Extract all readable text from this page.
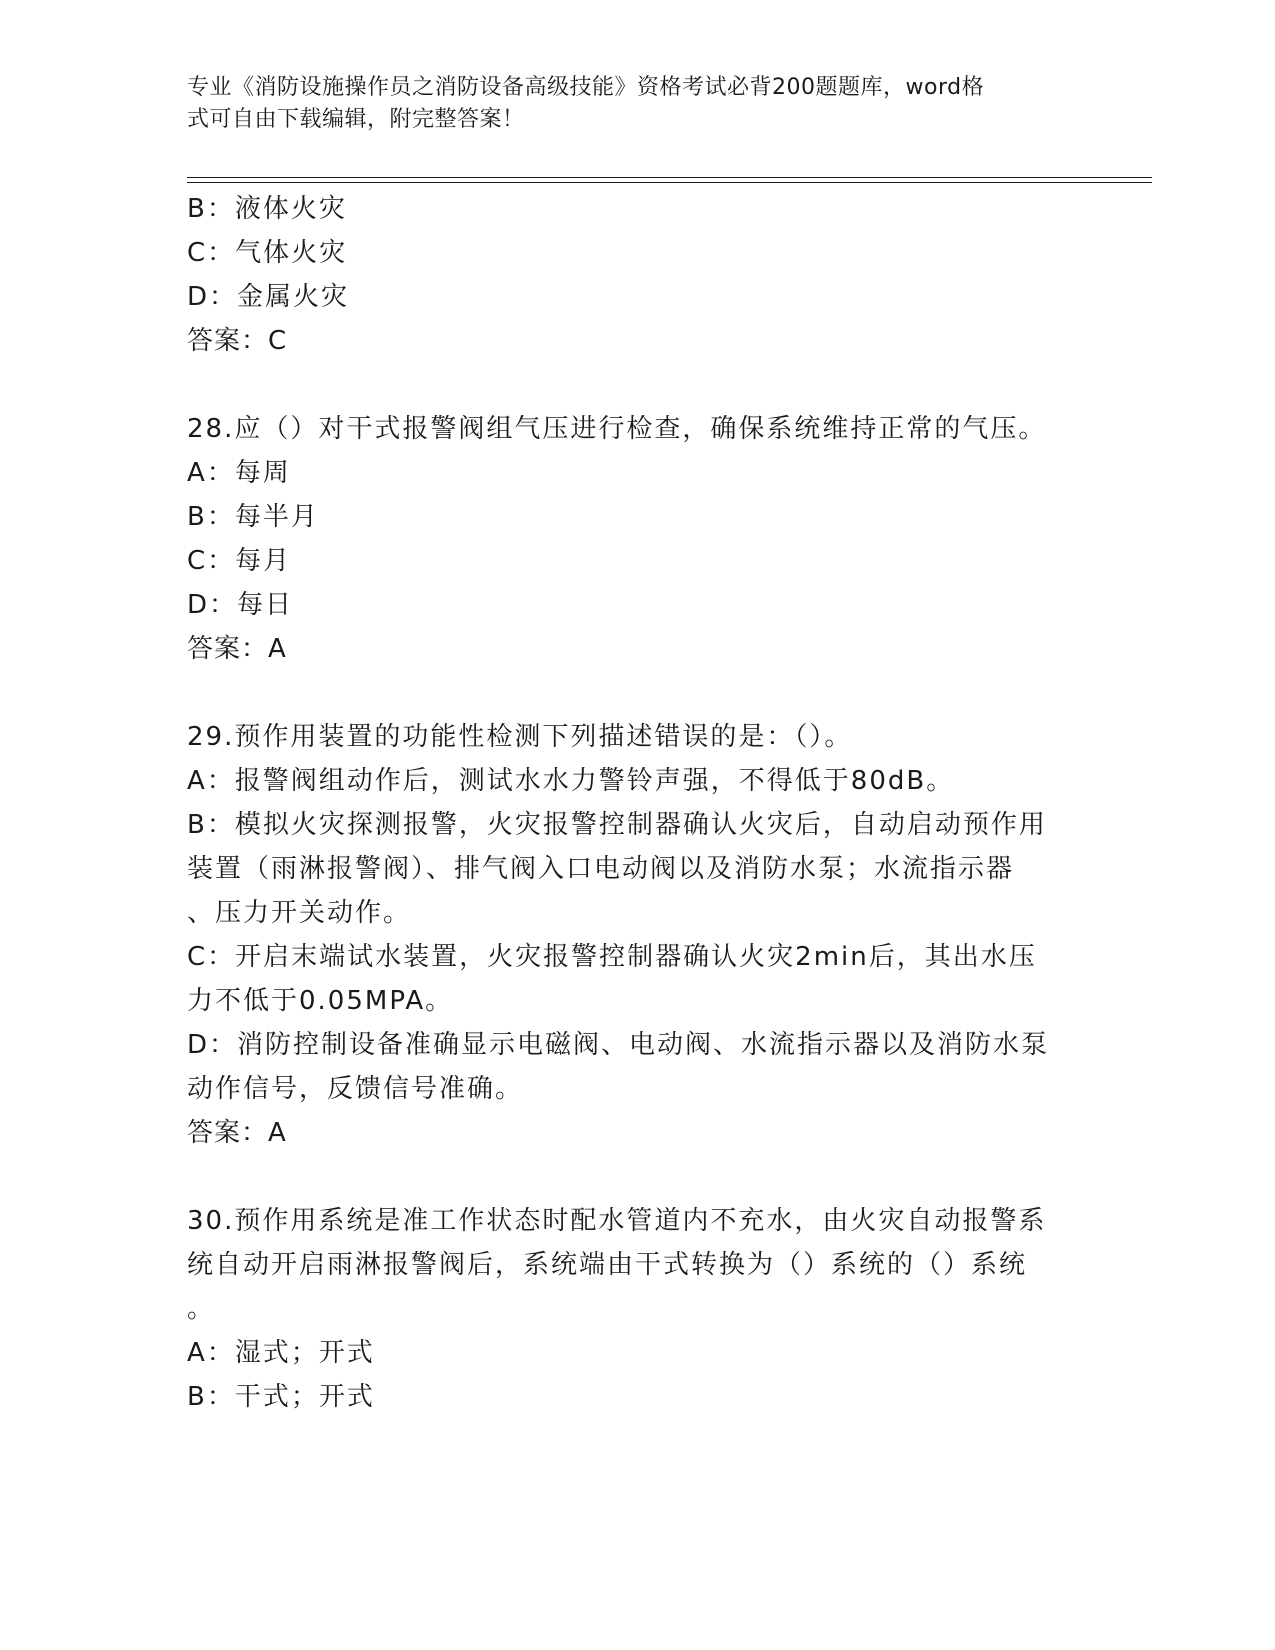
专业《消防设施操作员之消防设备高级技能》资格考试必背200题题库，word格
式可自由下载编辑，附完整答案！
B：液体火灾
C：气体火灾
D：金属火灾
答案：C
28.应（）对干式报警阀组气压进行检查，确保系统维持正常的气压。
A：每周
B：每半月
C：每月
D：每日
答案：A
29.预作用装置的功能性检测下列描述错误的是：（）。
A：报警阀组动作后，测试水水力警铃声强，不得低于80dB。
B：模拟火灾探测报警，火灾报警控制器确认火灾后，自动启动预作用
装置（雨淋报警阀）、排气阀入口电动阀以及消防水泵；水流指示器
、压力开关动作。
C：开启末端试水装置，火灾报警控制器确认火灾2min后，其出水压
力不低于0.05MPA。
D：消防控制设备准确显示电磁阀、电动阀、水流指示器以及消防水泵
动作信号，反馈信号准确。
答案：A
30.预作用系统是准工作状态时配水管道内不充水，由火灾自动报警系
统自动开启雨淋报警阀后，系统端由干式转换为（）系统的（）系统
。
A：湿式；开式
B：干式；开式
